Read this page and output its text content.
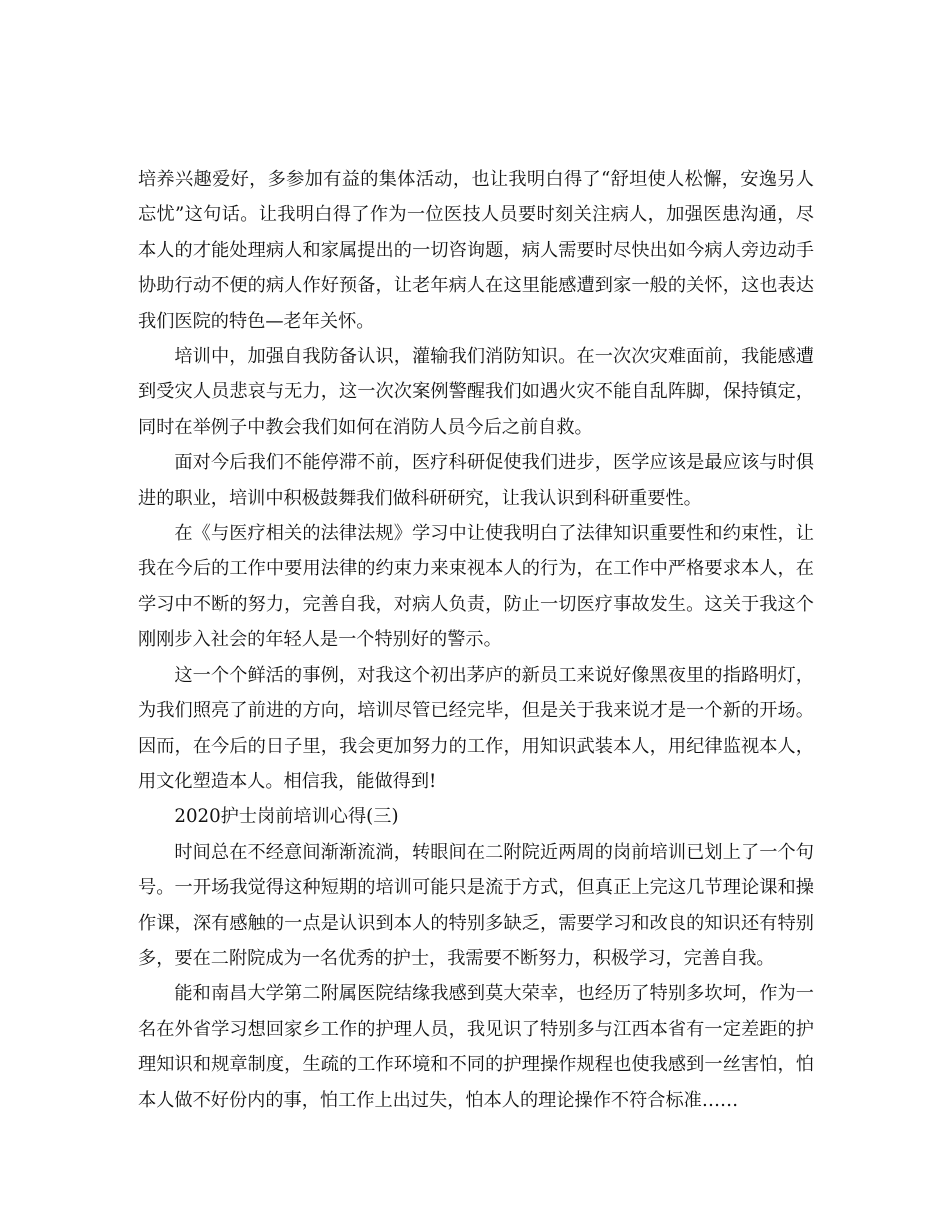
培养兴趣爱好，多参加有益的集体活动，也让我明白得了“舒坦使人松懈，安逸另人忘忧”这句话。让我明白得了作为一位医技人员要时刻关注病人，加强医患沟通，尽本人的才能处理病人和家属提出的一切咨询题，病人需要时尽快出如今病人旁边动手协助行动不便的病人作好预备，让老年病人在这里能感遭到家一般的关怀，这也表达我们医院的特色—老年关怀。

培训中，加强自我防备认识，灌输我们消防知识。在一次次灾难面前，我能感遭到受灾人员悲哀与无力，这一次次案例警醒我们如遇火灾不能自乱阵脚，保持镇定，同时在举例子中教会我们如何在消防人员今后之前自救。

面对今后我们不能停滞不前，医疗科研促使我们进步，医学应该是最应该与时俱进的职业，培训中积极鼓舞我们做科研研究，让我认识到科研重要性。

在《与医疗相关的法律法规》学习中让使我明白了法律知识重要性和约束性，让我在今后的工作中要用法律的约束力来束视本人的行为，在工作中严格要求本人，在学习中不断的努力，完善自我，对病人负责，防止一切医疗事故发生。这关于我这个刚刚步入社会的年轻人是一个特别好的警示。

这一个个鲜活的事例，对我这个初出茅庐的新员工来说好像黑夜里的指路明灯，为我们照亮了前进的方向，培训尽管已经完毕，但是关于我来说才是一个新的开场。因而，在今后的日子里，我会更加努力的工作，用知识武装本人，用纪律监视本人，用文化塑造本人。相信我，能做得到!

2020护士岗前培训心得(三)

时间总在不经意间渐渐流淌，转眼间在二附院近两周的岗前培训已划上了一个句号。一开场我觉得这种短期的培训可能只是流于方式，但真正上完这几节理论课和操作课，深有感触的一点是认识到本人的特别多缺乏，需要学习和改良的知识还有特别多，要在二附院成为一名优秀的护士，我需要不断努力，积极学习，完善自我。

能和南昌大学第二附属医院结缘我感到莫大荣幸，也经历了特别多坎坷，作为一名在外省学习想回家乡工作的护理人员，我见识了特别多与江西本省有一定差距的护理知识和规章制度，生疏的工作环境和不同的护理操作规程也使我感到一丝害怕，怕本人做不好份内的事，怕工作上出过失，怕本人的理论操作不符合标准……
